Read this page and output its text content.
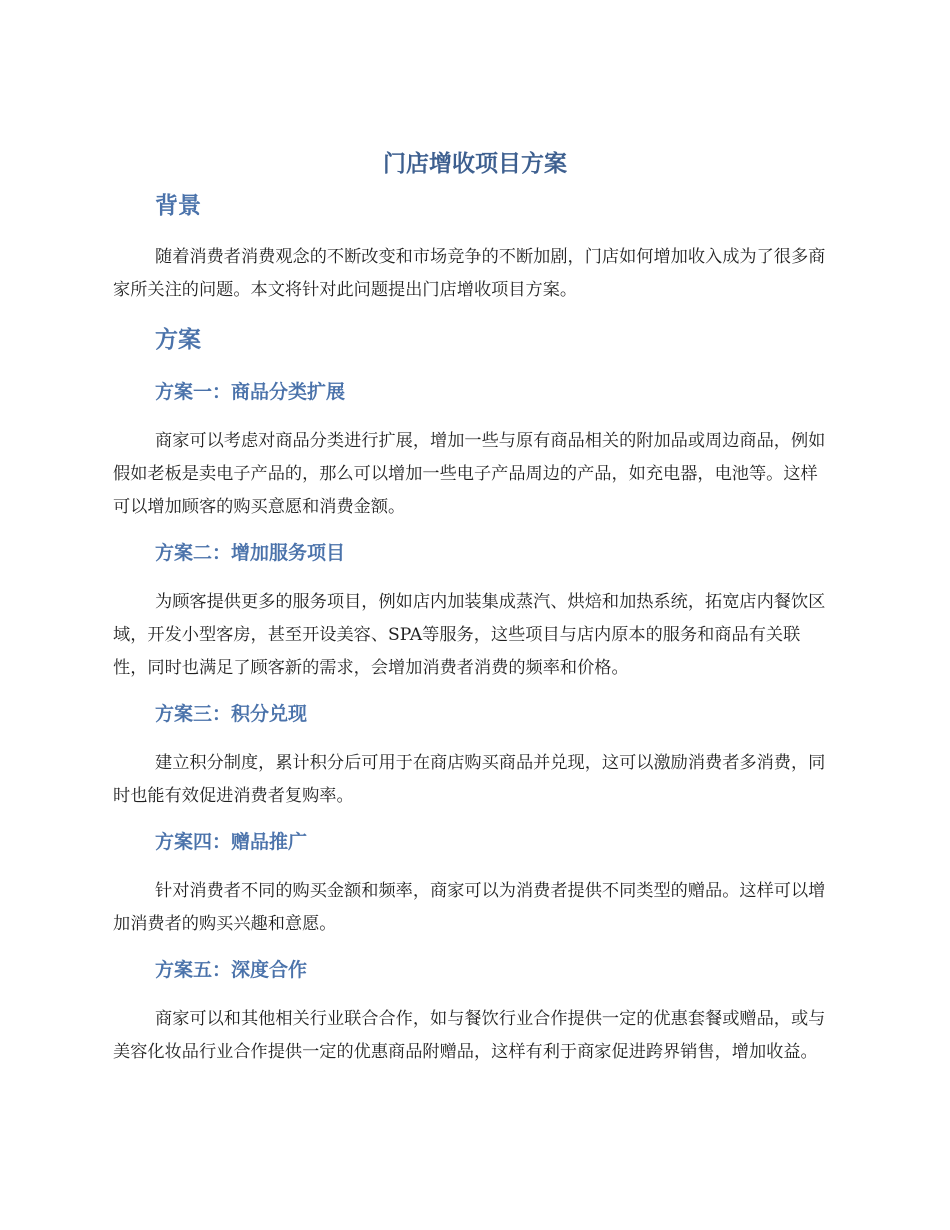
门店增收项目方案
背景

随着消费者消费观念的不断改变和市场竞争的不断加剧，门店如何增加收入成为了很多商家所关注的问题。本文将针对此问题提出门店增收项目方案。

方案
方案一：商品分类扩展

商家可以考虑对商品分类进行扩展，增加一些与原有商品相关的附加品或周边商品，例如假如老板是卖电子产品的，那么可以增加一些电子产品周边的产品，如充电器，电池等。这样可以增加顾客的购买意愿和消费金额。

方案二：增加服务项目

为顾客提供更多的服务项目，例如店内加装集成蒸汽、烘焙和加热系统，拓宽店内餐饮区域，开发小型客房，甚至开设美容、SPA等服务，这些项目与店内原本的服务和商品有关联性，同时也满足了顾客新的需求，会增加消费者消费的频率和价格。

方案三：积分兑现

建立积分制度，累计积分后可用于在商店购买商品并兑现，这可以激励消费者多消费，同时也能有效促进消费者复购率。

方案四：赠品推广

针对消费者不同的购买金额和频率，商家可以为消费者提供不同类型的赠品。这样可以增加消费者的购买兴趣和意愿。

方案五：深度合作

商家可以和其他相关行业联合合作，如与餐饮行业合作提供一定的优惠套餐或赠品，或与美容化妆品行业合作提供一定的优惠商品附赠品，这样有利于商家促进跨界销售，增加收益。
